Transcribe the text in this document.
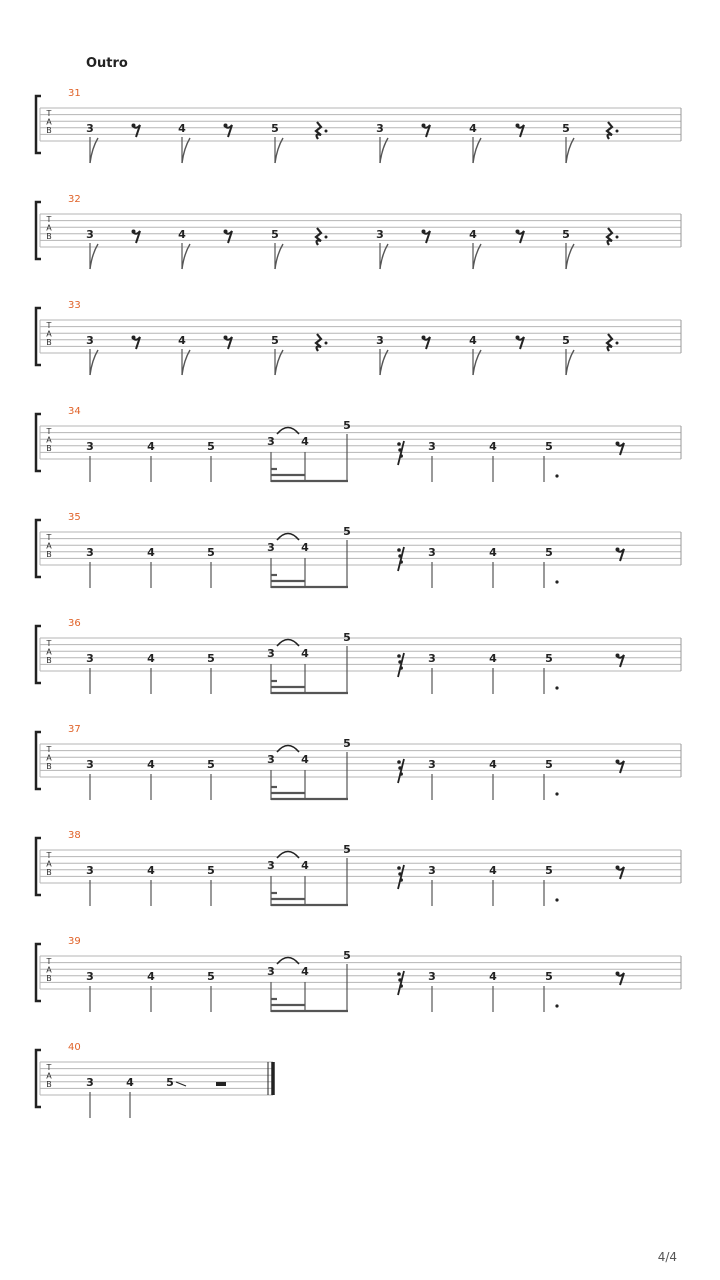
Outro
T
A
B
31
3	4	5	3	4	5
T
A
B
32
3	4	5	3	4	5
T
A
B
33
3	4	5	3	4	5
T
A
B
34
3	4	5	3 4
5
3	4	5
T
A
B
35
3	4	5	3 4
5
3	4	5
T
A
B
36
3	4	5	3 4
5
3	4	5
T
A
B
37
3	4	5	3 4
5
3	4	5
T
A
B
38
3	4	5	3 4
5
3	4	5
T
A
B
39
3	4	5	3 4
5
3	4	5
T
A
B
40
3	4	5
4/4
